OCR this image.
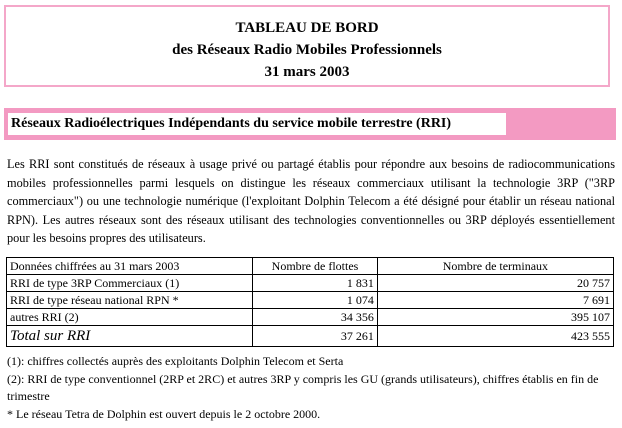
TABLEAU DE BORD
des Réseaux Radio Mobiles Professionnels
31 mars 2003
Réseaux Radioélectriques Indépendants du service mobile terrestre (RRI)
Les RRI sont constitués de réseaux à usage privé ou partagé établis pour répondre aux besoins de radiocommunications mobiles professionnelles parmi lesquels on distingue les réseaux commerciaux utilisant la technologie 3RP ("3RP commerciaux") ou une technologie numérique (l'exploitant Dolphin Telecom a été désigné pour établir un réseau national RPN). Les autres réseaux sont des réseaux utilisant des technologies conventionnelles ou 3RP déployés essentiellement pour les besoins propres des utilisateurs.
Données chiffrées au 31 mars 2003	Nombre de flottes	Nombre de terminaux
RRI de type 3RP Commerciaux (1)	1 831	20 757
RRI de type réseau national RPN *	1 074	7 691
autres RRI (2)	34 356	395 107
Total sur RRI	37 261	423 555
(1): chiffres collectés auprès des exploitants Dolphin Telecom et Serta
(2): RRI de type conventionnel (2RP et 2RC) et autres 3RP y compris les GU (grands utilisateurs), chiffres établis en fin de trimestre
* Le réseau Tetra de Dolphin est ouvert depuis le 2 octobre 2000.
